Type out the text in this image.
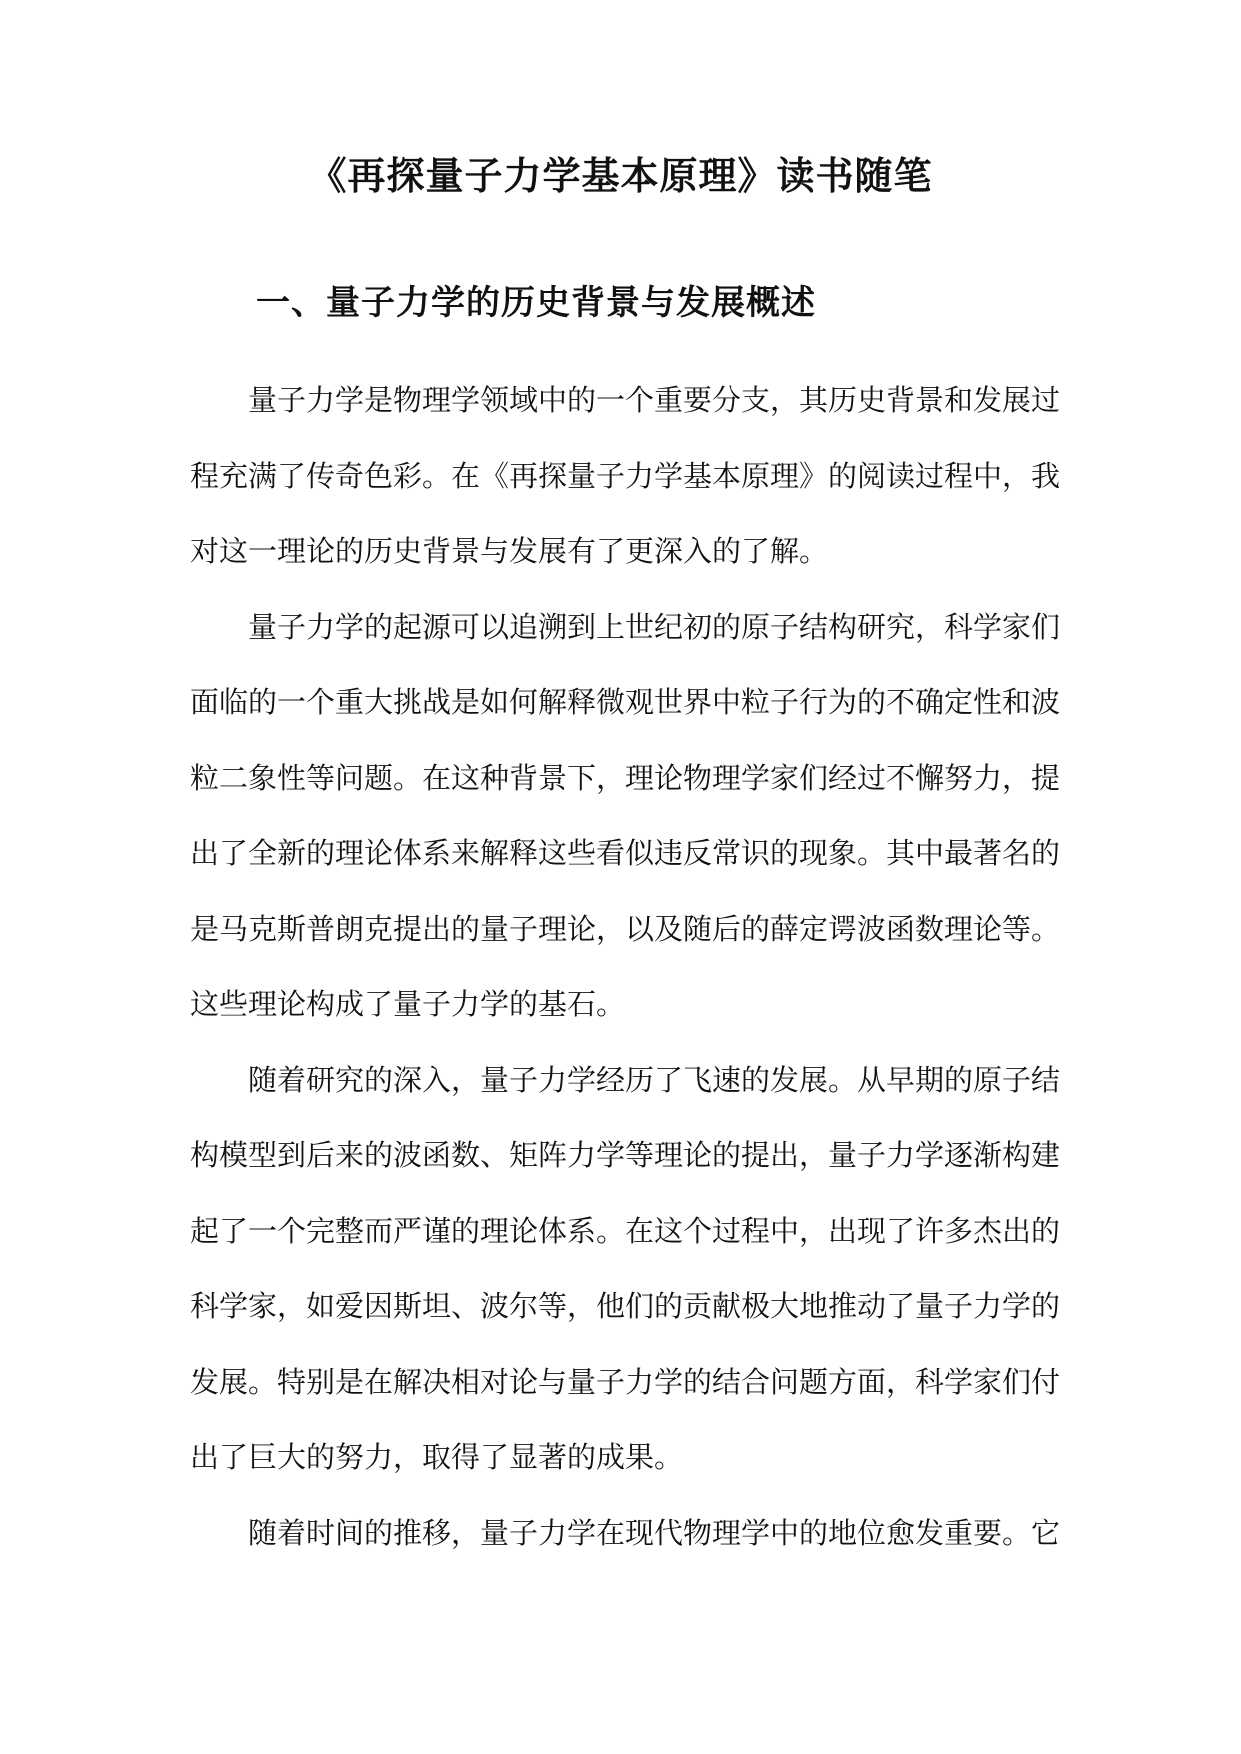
《再探量子力学基本原理》读书随笔
一、量子力学的历史背景与发展概述

量子力学是物理学领域中的一个重要分支，其历史背景和发展过程充满了传奇色彩。在《再探量子力学基本原理》的阅读过程中，我对这一理论的历史背景与发展有了更深入的了解。

量子力学的起源可以追溯到上世纪初的原子结构研究，科学家们面临的一个重大挑战是如何解释微观世界中粒子行为的不确定性和波粒二象性等问题。在这种背景下，理论物理学家们经过不懈努力，提出了全新的理论体系来解释这些看似违反常识的现象。其中最著名的是马克斯普朗克提出的量子理论，以及随后的薛定谔波函数理论等。这些理论构成了量子力学的基石。

随着研究的深入，量子力学经历了飞速的发展。从早期的原子结构模型到后来的波函数、矩阵力学等理论的提出，量子力学逐渐构建起了一个完整而严谨的理论体系。在这个过程中，出现了许多杰出的科学家，如爱因斯坦、波尔等，他们的贡献极大地推动了量子力学的发展。特别是在解决相对论与量子力学的结合问题方面，科学家们付出了巨大的努力，取得了显著的成果。

随着时间的推移，量子力学在现代物理学中的地位愈发重要。它
